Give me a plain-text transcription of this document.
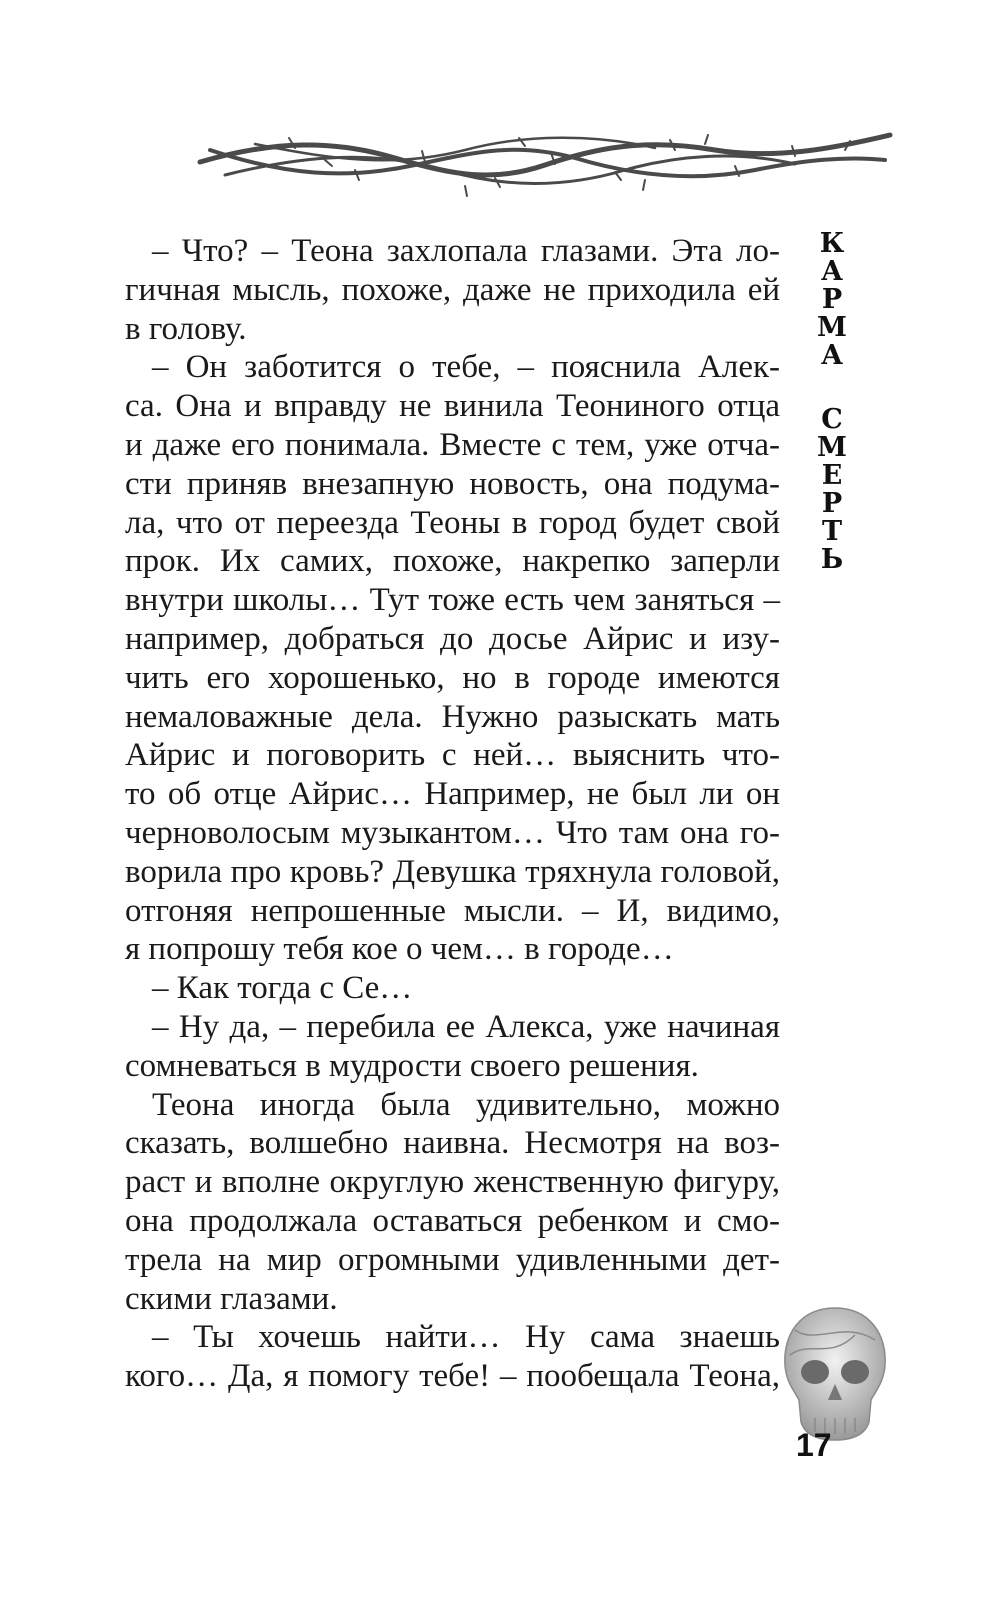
– Что? – Теона захлопала глазами. Эта ло-
гичная мысль, похоже, даже не приходила ей
в голову.
– Он заботится о тебе, – пояснила Алек-
са. Она и вправду не винила Теониного отца
и даже его понимала. Вместе с тем, уже отча-
сти приняв внезапную новость, она подума-
ла, что от переезда Теоны в город будет свой
прок. Их самих, похоже, накрепко заперли
внутри школы… Тут тоже есть чем заняться –
например, добраться до досье Айрис и изу-
чить его хорошенько, но в городе имеются
немаловажные дела. Нужно разыскать мать
Айрис и поговорить с ней… выяснить что-
то об отце Айрис… Например, не был ли он
черноволосым музыкантом… Что там она го-
ворила про кровь? Девушка тряхнула головой,
отгоняя непрошенные мысли. – И, видимо,
я попрошу тебя кое о чем… в городе…
– Как тогда с Се…
– Ну да, – перебила ее Алекса, уже начиная
сомневаться в мудрости своего решения.
Теона иногда была удивительно, можно
сказать, волшебно наивна. Несмотря на воз-
раст и вполне округлую женственную фигуру,
она продолжала оставаться ребенком и смо-
трела на мир огромными удивленными дет-
скими глазами.
– Ты хочешь найти… Ну сама знаешь
кого… Да, я помогу тебе! – пообещала Теона,
К
А
Р
М
А
С
М
Е
Р
Т
Ь
17
